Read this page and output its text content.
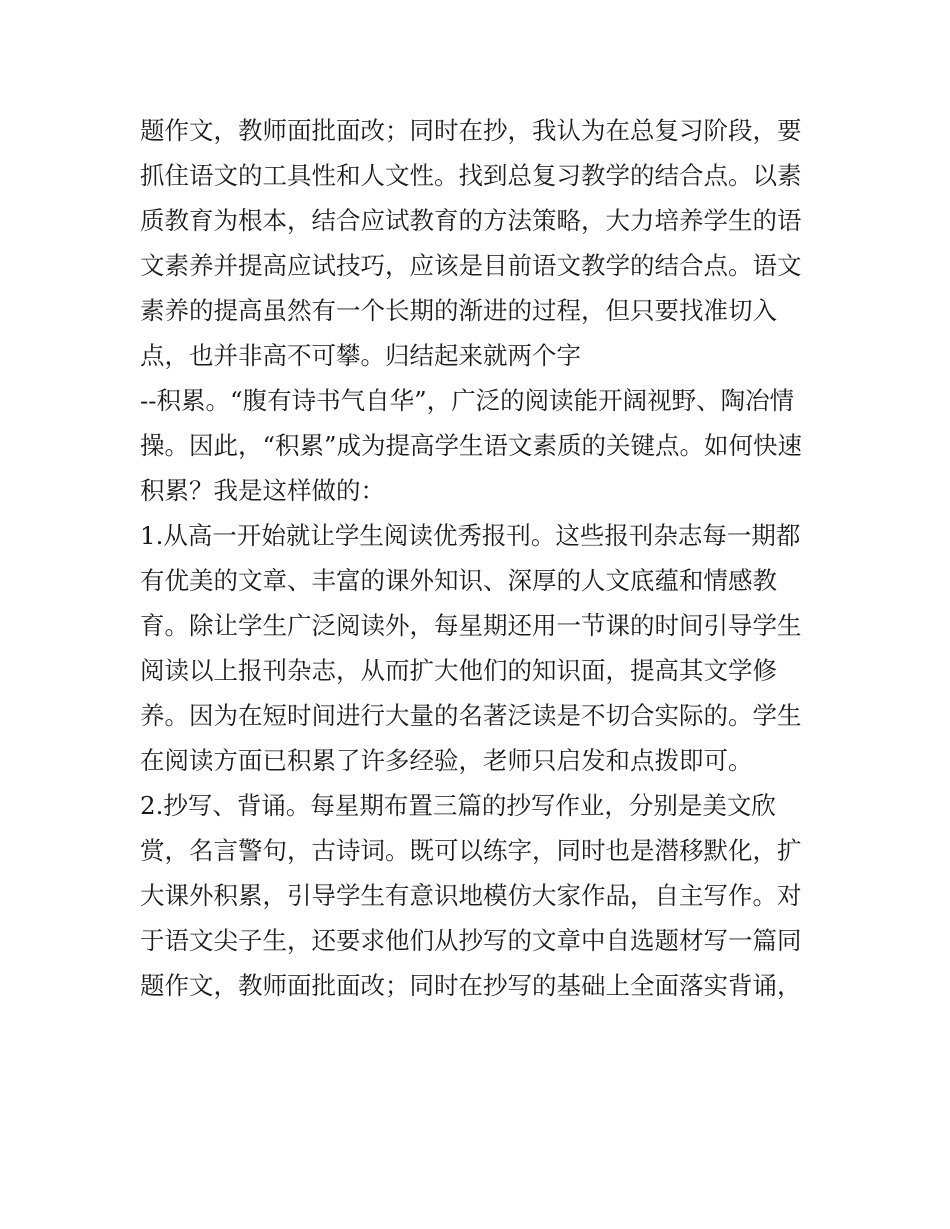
题作文，教师面批面改；同时在抄，我认为在总复习阶段，要
抓住语文的工具性和人文性。找到总复习教学的结合点。以素
质教育为根本，结合应试教育的方法策略，大力培养学生的语
文素养并提高应试技巧，应该是目前语文教学的结合点。语文
素养的提高虽然有一个长期的渐进的过程，但只要找准切入
点，也并非高不可攀。归结起来就两个字
--积累。“腹有诗书气自华”，广泛的阅读能开阔视野、陶冶情
操。因此，“积累”成为提高学生语文素质的关键点。如何快速
积累？我是这样做的：
1.从高一开始就让学生阅读优秀报刊。这些报刊杂志每一期都
有优美的文章、丰富的课外知识、深厚的人文底蕴和情感教
育。除让学生广泛阅读外，每星期还用一节课的时间引导学生
阅读以上报刊杂志，从而扩大他们的知识面，提高其文学修
养。因为在短时间进行大量的名著泛读是不切合实际的。学生
在阅读方面已积累了许多经验，老师只启发和点拨即可。
2.抄写、背诵。每星期布置三篇的抄写作业，分别是美文欣
赏，名言警句，古诗词。既可以练字，同时也是潜移默化，扩
大课外积累，引导学生有意识地模仿大家作品，自主写作。对
于语文尖子生，还要求他们从抄写的文章中自选题材写一篇同
题作文，教师面批面改；同时在抄写的基础上全面落实背诵，
